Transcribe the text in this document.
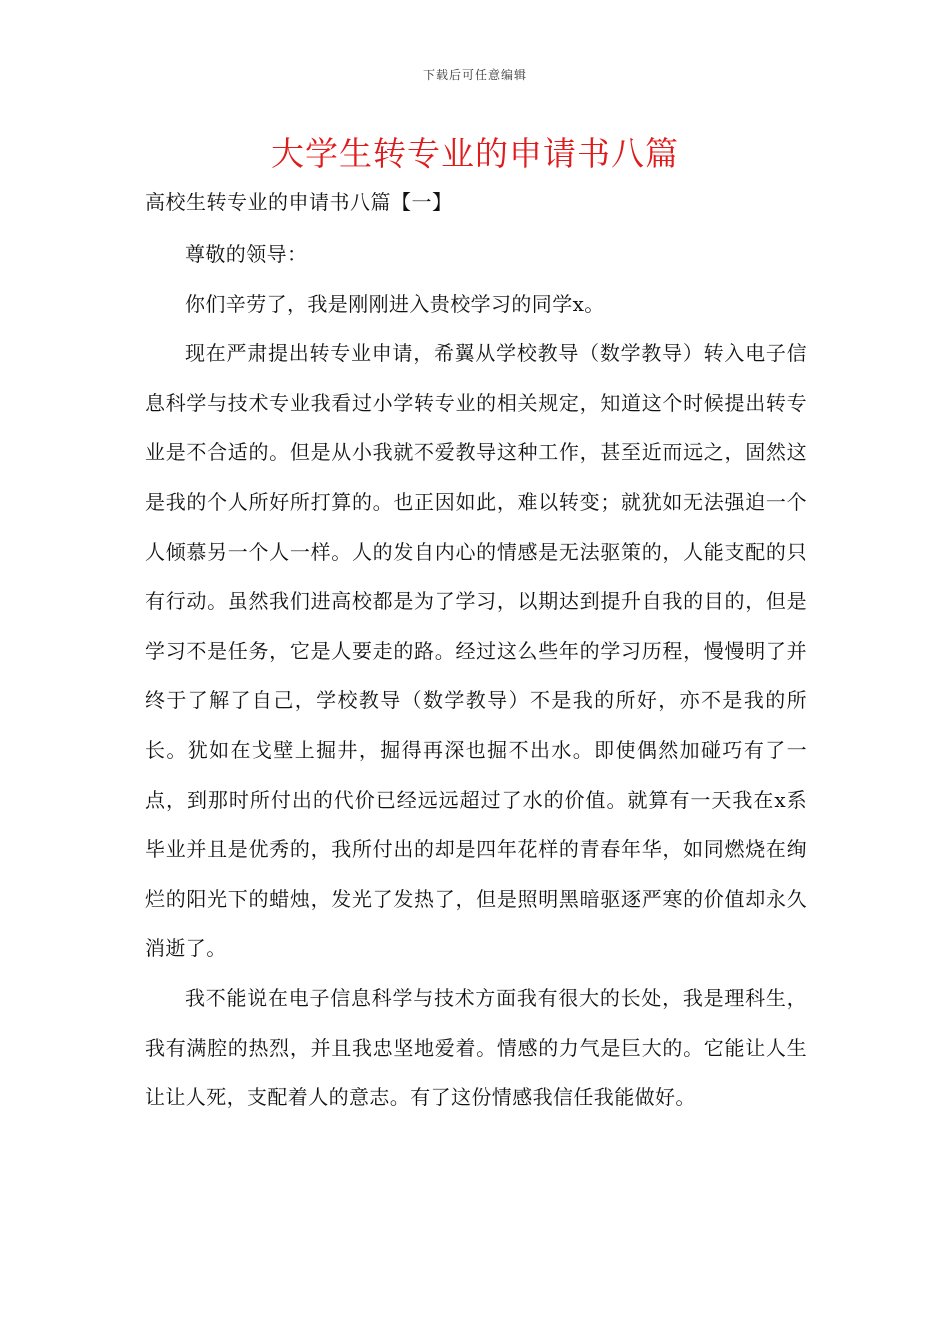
下载后可任意编辑
大学生转专业的申请书八篇
高校生转专业的申请书八篇【一】

尊敬的领导：

你们辛劳了，我是刚刚进入贵校学习的同学x。

现在严肃提出转专业申请，希翼从学校教导（数学教导）转入电子信息科学与技术专业我看过小学转专业的相关规定，知道这个时候提出转专业是不合适的。但是从小我就不爱教导这种工作，甚至近而远之，固然这是我的个人所好所打算的。也正因如此，难以转变；就犹如无法强迫一个人倾慕另一个人一样。人的发自内心的情感是无法驱策的，人能支配的只有行动。虽然我们进高校都是为了学习，以期达到提升自我的目的，但是学习不是任务，它是人要走的路。经过这么些年的学习历程，慢慢明了并终于了解了自己，学校教导（数学教导）不是我的所好，亦不是我的所长。犹如在戈壁上掘井，掘得再深也掘不出水。即使偶然加碰巧有了一点，到那时所付出的代价已经远远超过了水的价值。就算有一天我在x系毕业并且是优秀的，我所付出的却是四年花样的青春年华，如同燃烧在绚烂的阳光下的蜡烛，发光了发热了，但是照明黑暗驱逐严寒的价值却永久消逝了。

我不能说在电子信息科学与技术方面我有很大的长处，我是理科生，我有满腔的热烈，并且我忠坚地爱着。情感的力气是巨大的。它能让人生让让人死，支配着人的意志。有了这份情感我信任我能做好。
